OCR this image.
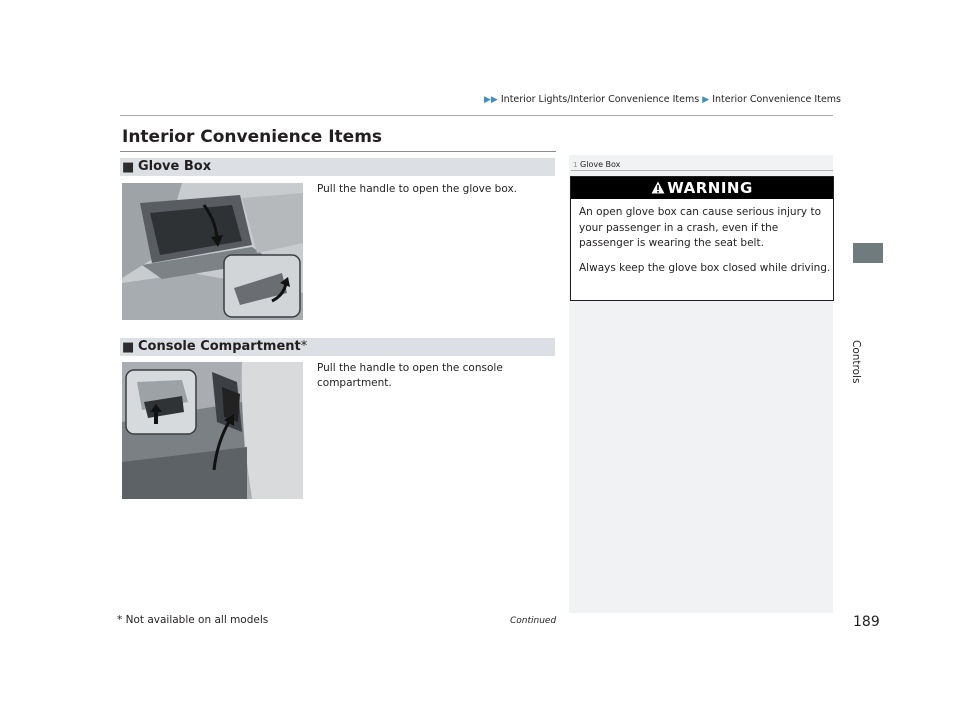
▶▶ Interior Lights/Interior Convenience Items ▶ Interior Convenience Items
Controls
Interior Convenience Items
■ Glove Box
Pull the handle to open the glove box.
■ Console Compartment*
Pull the handle to open the console compartment.
1 Glove Box
WARNING
An open glove box can cause serious injury to your passenger in a crash, even if the passenger is wearing the seat belt.
Always keep the glove box closed while driving.
* Not available on all models	Continued	189
